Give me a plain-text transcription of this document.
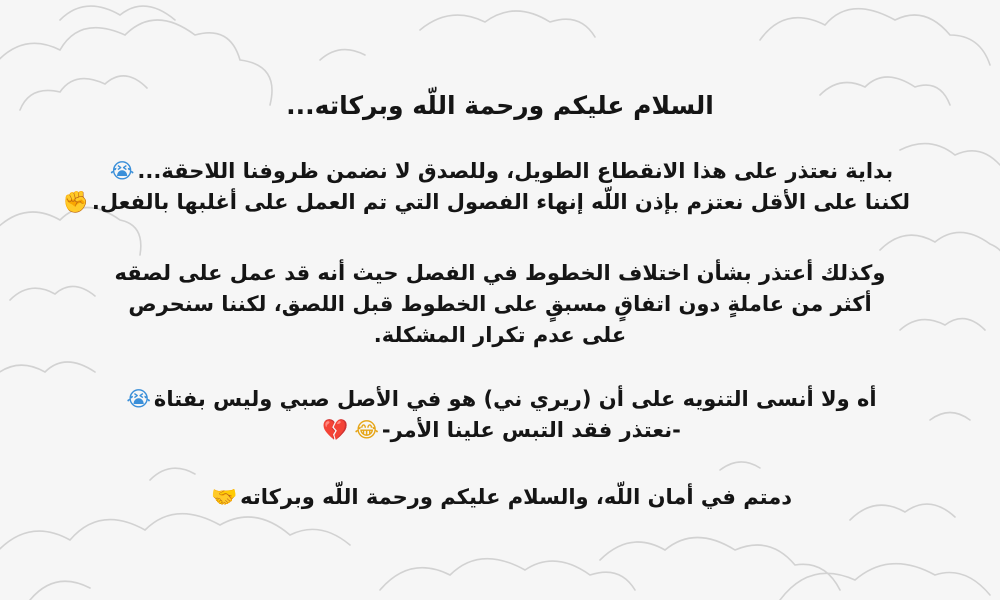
السلام عليكم ورحمة اللّه وبركاته...
بداية نعتذر على هذا الانقطاع الطويل، وللصدق لا نضمن ظروفنا اللاحقة...😭
لكننا على الأقل نعتزم بإذن اللّه إنهاء الفصول التي تم العمل على أغلبها بالفعل.✊
وكذلك أعتذر بشأن اختلاف الخطوط في الفصل حيث أنه قد عمل على لصقه
أكثر من عاملةٍ دون اتفاقٍ مسبقٍ على الخطوط قبل اللصق، لكننا سنحرص
على عدم تكرار المشكلة.
أه ولا أنسى التنويه على أن (ريري ني) هو في الأصل صبي وليس بفتاة😭
-نعتذر فقد التبس علينا الأمر-😂💔
دمتم في أمان اللّه، والسلام عليكم ورحمة اللّه وبركاته🤝
